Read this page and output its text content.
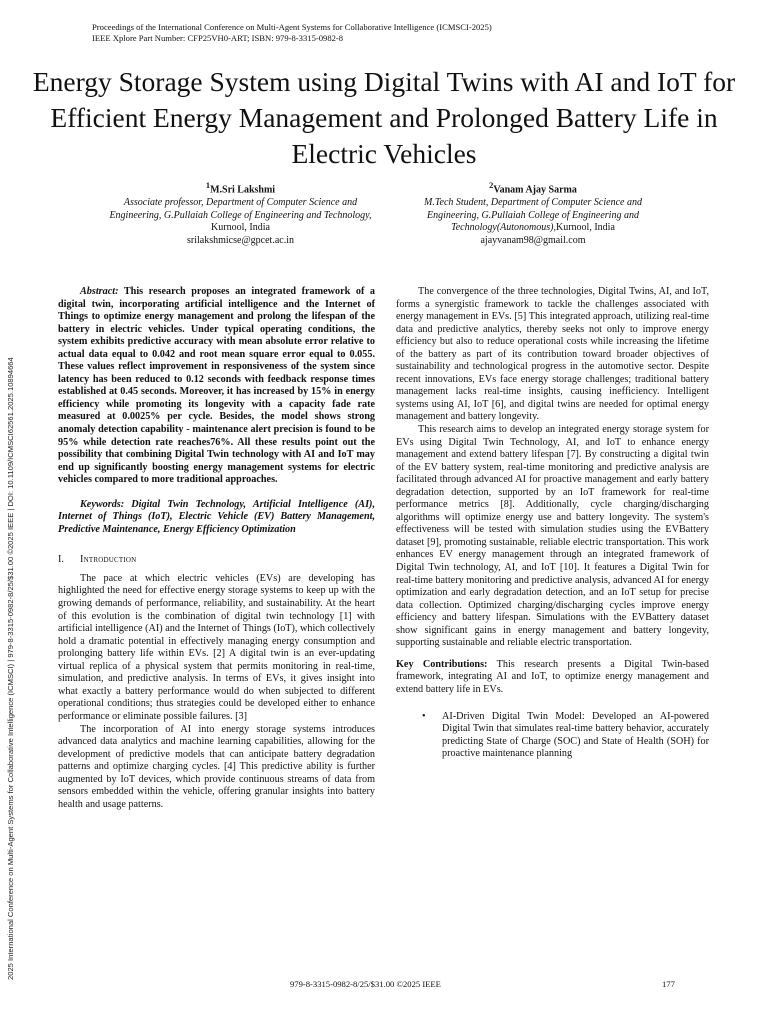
Proceedings of the International Conference on Multi-Agent Systems for Collaborative Intelligence (ICMSCI-2025)
IEEE Xplore Part Number: CFP25VH0-ART; ISBN: 979-8-3315-0982-8
Energy Storage System using Digital Twins with AI and IoT for Efficient Energy Management and Prolonged Battery Life in Electric Vehicles
$^1$M.Sri Lakshmi
Associate professor, Department of Computer Science and Engineering, G.Pullaiah College of Engineering and Technology, Kurnool, India
srilakshmicse@gpcet.ac.in
$^2$Vanam Ajay Sarma
M.Tech Student, Department of Computer Science and Engineering, G.Pullaiah College of Engineering and Technology(Autonomous),Kurnool, India
ajayvanam98@gmail.com

Abstract: This research proposes an integrated framework of a digital twin, incorporating artificial intelligence and the Internet of Things to optimize energy management and prolong the lifespan of the battery in electric vehicles. Under typical operating conditions, the system exhibits predictive accuracy with mean absolute error relative to actual data equal to 0.042 and root mean square error equal to 0.055. These values reflect improvement in responsiveness of the system since latency has been reduced to 0.12 seconds with feedback response times established at 0.45 seconds. Moreover, it has increased by 15% in energy efficiency while promoting its longevity with a capacity fade rate measured at 0.0025% per cycle. Besides, the model shows strong anomaly detection capability - maintenance alert precision is found to be 95% while detection rate reaches76%. All these results point out the possibility that combining Digital Twin technology with AI and IoT may end up significantly boosting energy management systems for electric vehicles compared to more traditional approaches.

Keywords: Digital Twin Technology, Artificial Intelligence (AI), Internet of Things (IoT), Electric Vehicle (EV) Battery Management, Predictive Maintenance, Energy Efficiency Optimization

I. Introduction

The pace at which electric vehicles (EVs) are developing has highlighted the need for effective energy storage systems to keep up with the growing demands of performance, reliability, and sustainability. At the heart of this evolution is the combination of digital twin technology [1] with artificial intelligence (AI) and the Internet of Things (IoT), which collectively hold a dramatic potential in effectively managing energy consumption and prolonging battery life within EVs. [2] A digital twin is an ever-updating virtual replica of a physical system that permits monitoring in real-time, simulation, and predictive analysis. In terms of EVs, it gives insight into what exactly a battery performance would do when subjected to different operational conditions; thus strategies could be developed either to enhance performance or eliminate possible failures. [3]

The incorporation of AI into energy storage systems introduces advanced data analytics and machine learning capabilities, allowing for the development of predictive models that can anticipate battery degradation patterns and optimize charging cycles. [4] This predictive ability is further augmented by IoT devices, which provide continuous streams of data from sensors embedded within the vehicle, offering granular insights into battery health and usage patterns.

The convergence of the three technologies, Digital Twins, AI, and IoT, forms a synergistic framework to tackle the challenges associated with energy management in EVs. [5] This integrated approach, utilizing real-time data and predictive analytics, thereby seeks not only to improve energy efficiency but also to reduce operational costs while increasing the lifetime of the battery as part of its contribution toward broader objectives of sustainability and technological progress in the automotive sector. Despite recent innovations, EVs face energy storage challenges; traditional battery management lacks real-time insights, causing inefficiency. Intelligent systems using AI, IoT [6], and digital twins are needed for optimal energy management and battery longevity.

This research aims to develop an integrated energy storage system for EVs using Digital Twin Technology, AI, and IoT to enhance energy management and extend battery lifespan [7]. By constructing a digital twin of the EV battery system, real-time monitoring and predictive analysis are facilitated through advanced AI for proactive management and early battery degradation detection, supported by an IoT framework for real-time performance metrics [8]. Additionally, cycle charging/discharging algorithms will optimize energy use and battery longevity. The system's effectiveness will be tested with simulation studies using the EVBattery dataset [9], promoting sustainable, reliable electric transportation. This work enhances EV energy management through an integrated framework of Digital Twin technology, AI, and IoT [10]. It features a Digital Twin for real-time battery monitoring and predictive analysis, advanced AI for energy optimization and early degradation detection, and an IoT setup for precise data collection. Optimized charging/discharging cycles improve energy efficiency and battery lifespan. Simulations with the EVBattery dataset show significant gains in energy management and battery longevity, supporting sustainable and reliable electric transportation.

Key Contributions: This research presents a Digital Twin-based framework, integrating AI and IoT, to optimize energy management and extend battery life in EVs.

• AI-Driven Digital Twin Model: Developed an AI-powered Digital Twin that simulates real-time battery behavior, accurately predicting State of Charge (SOC) and State of Health (SOH) for proactive maintenance planning
2025 International Conference on Multi-Agent Systems for Collaborative Intelligence (ICMSCI) | 979-8-3315-0982-8/25/$31.00 ©2025 IEEE | DOI: 10.1109/ICMSCI62561.2025.10894664
979-8-3315-0982-8/25/$31.00 ©2025 IEEE	177
